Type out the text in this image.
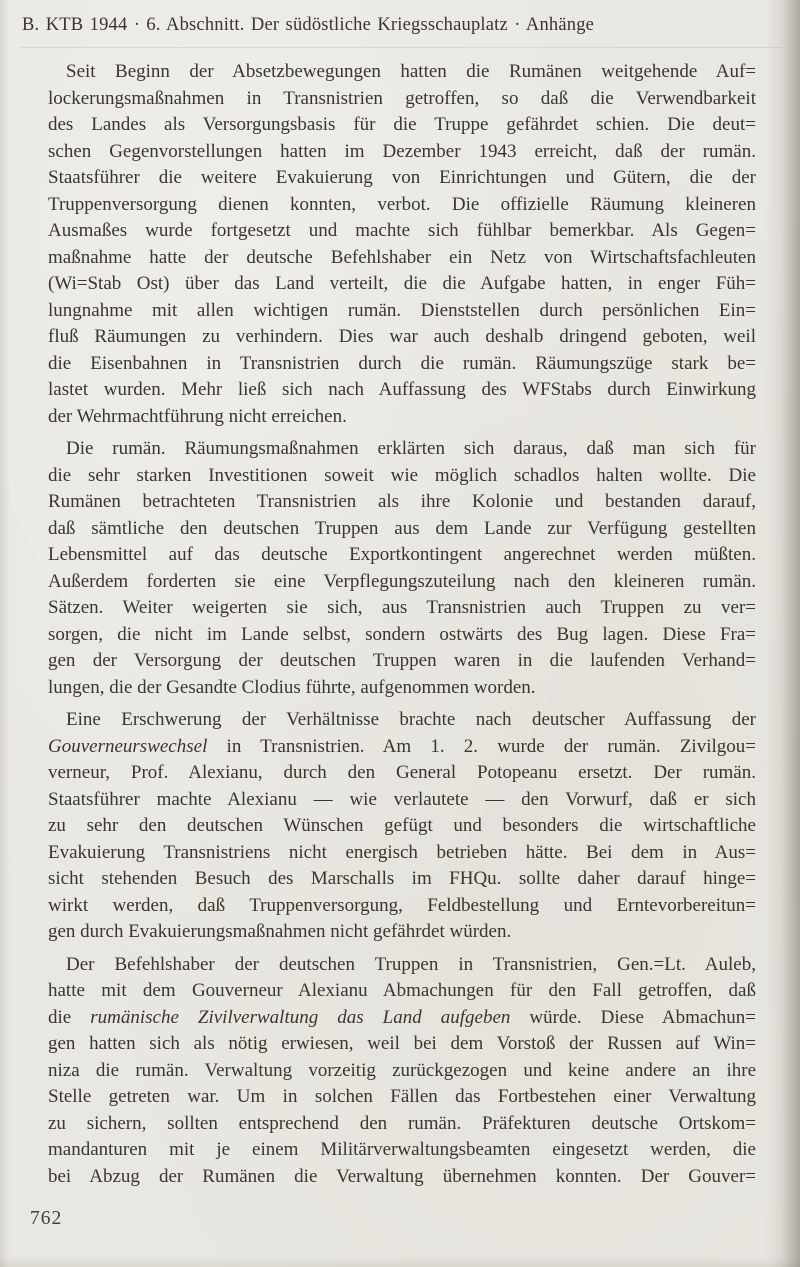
B. KTB 1944 · 6. Abschnitt. Der südöstliche Kriegsschauplatz · Anhänge
Seit Beginn der Absetzbewegungen hatten die Rumänen weitgehende Auf=
lockerungsmaßnahmen in Transnistrien getroffen, so daß die Verwendbarkeit
des Landes als Versorgungsbasis für die Truppe gefährdet schien. Die deut=
schen Gegenvorstellungen hatten im Dezember 1943 erreicht, daß der rumän.
Staatsführer die weitere Evakuierung von Einrichtungen und Gütern, die der
Truppenversorgung dienen konnten, verbot. Die offizielle Räumung kleineren
Ausmaßes wurde fortgesetzt und machte sich fühlbar bemerkbar. Als Gegen=
maßnahme hatte der deutsche Befehlshaber ein Netz von Wirtschaftsfachleuten
(Wi=Stab Ost) über das Land verteilt, die die Aufgabe hatten, in enger Füh=
lungnahme mit allen wichtigen rumän. Dienststellen durch persönlichen Ein=
fluß Räumungen zu verhindern. Dies war auch deshalb dringend geboten, weil
die Eisenbahnen in Transnistrien durch die rumän. Räumungszüge stark be=
lastet wurden. Mehr ließ sich nach Auffassung des WFStabs durch Einwirkung
der Wehrmachtführung nicht erreichen.
Die rumän. Räumungsmaßnahmen erklärten sich daraus, daß man sich für
die sehr starken Investitionen soweit wie möglich schadlos halten wollte. Die
Rumänen betrachteten Transnistrien als ihre Kolonie und bestanden darauf,
daß sämtliche den deutschen Truppen aus dem Lande zur Verfügung gestellten
Lebensmittel auf das deutsche Exportkontingent angerechnet werden müßten.
Außerdem forderten sie eine Verpflegungszuteilung nach den kleineren rumän.
Sätzen. Weiter weigerten sie sich, aus Transnistrien auch Truppen zu ver=
sorgen, die nicht im Lande selbst, sondern ostwärts des Bug lagen. Diese Fra=
gen der Versorgung der deutschen Truppen waren in die laufenden Verhand=
lungen, die der Gesandte Clodius führte, aufgenommen worden.
Eine Erschwerung der Verhältnisse brachte nach deutscher Auffassung der
Gouverneurswechsel in Transnistrien. Am 1. 2. wurde der rumän. Zivilgou=
verneur, Prof. Alexianu, durch den General Potopeanu ersetzt. Der rumän.
Staatsführer machte Alexianu — wie verlautete — den Vorwurf, daß er sich
zu sehr den deutschen Wünschen gefügt und besonders die wirtschaftliche
Evakuierung Transnistriens nicht energisch betrieben hätte. Bei dem in Aus=
sicht stehenden Besuch des Marschalls im FHQu. sollte daher darauf hinge=
wirkt werden, daß Truppenversorgung, Feldbestellung und Erntevorbereitun=
gen durch Evakuierungsmaßnahmen nicht gefährdet würden.
Der Befehlshaber der deutschen Truppen in Transnistrien, Gen.=Lt. Auleb,
hatte mit dem Gouverneur Alexianu Abmachungen für den Fall getroffen, daß
die rumänische Zivilverwaltung das Land aufgeben würde. Diese Abmachun=
gen hatten sich als nötig erwiesen, weil bei dem Vorstoß der Russen auf Win=
niza die rumän. Verwaltung vorzeitig zurückgezogen und keine andere an ihre
Stelle getreten war. Um in solchen Fällen das Fortbestehen einer Verwaltung
zu sichern, sollten entsprechend den rumän. Präfekturen deutsche Ortskom=
mandanturen mit je einem Militärverwaltungsbeamten eingesetzt werden, die
bei Abzug der Rumänen die Verwaltung übernehmen konnten. Der Gouver=
762
